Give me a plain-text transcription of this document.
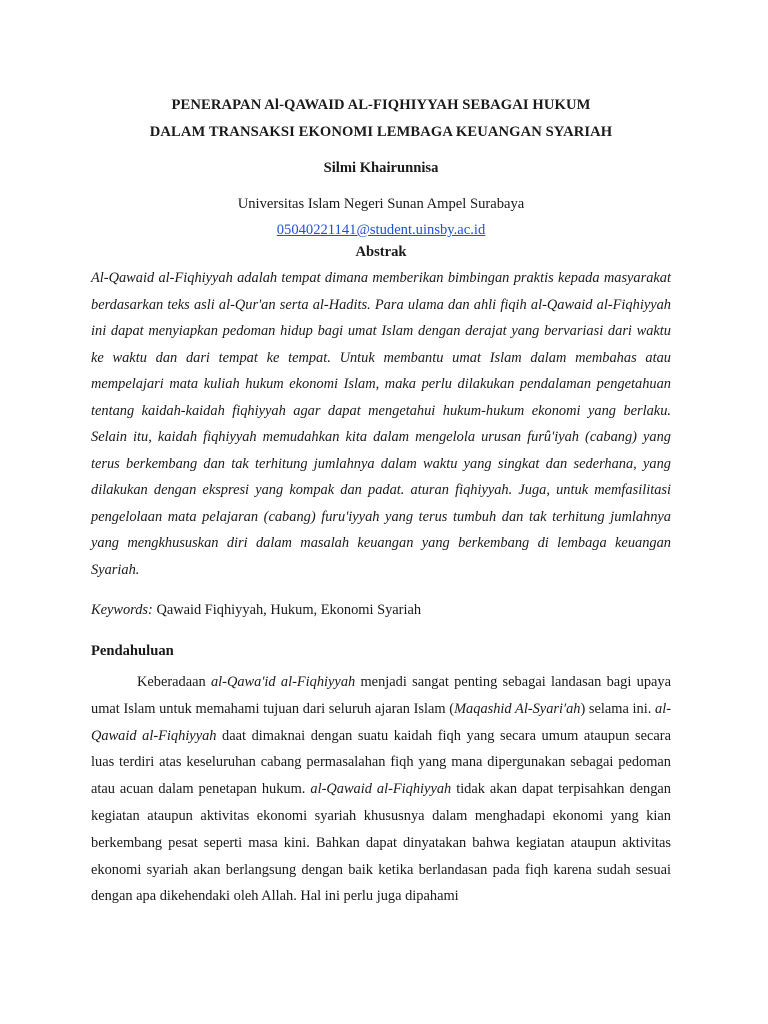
PENERAPAN Al-QAWAID AL-FIQHIYYAH SEBAGAI HUKUM
DALAM TRANSAKSI EKONOMI LEMBAGA KEUANGAN SYARIAH
Silmi Khairunnisa
Universitas Islam Negeri Sunan Ampel Surabaya
05040221141@student.uinsby.ac.id
Abstrak
Al-Qawaid al-Fiqhiyyah adalah tempat dimana memberikan bimbingan praktis kepada masyarakat berdasarkan teks asli al-Qur'an serta al-Hadits. Para ulama dan ahli fiqih al-Qawaid al-Fiqhiyyah ini dapat menyiapkan pedoman hidup bagi umat Islam dengan derajat yang bervariasi dari waktu ke waktu dan dari tempat ke tempat. Untuk membantu umat Islam dalam membahas atau mempelajari mata kuliah hukum ekonomi Islam, maka perlu dilakukan pendalaman pengetahuan tentang kaidah-kaidah fiqhiyyah agar dapat mengetahui hukum-hukum ekonomi yang berlaku. Selain itu, kaidah fiqhiyyah memudahkan kita dalam mengelola urusan furû'iyah (cabang) yang terus berkembang dan tak terhitung jumlahnya dalam waktu yang singkat dan sederhana, yang dilakukan dengan ekspresi yang kompak dan padat. aturan fiqhiyyah. Juga, untuk memfasilitasi pengelolaan mata pelajaran (cabang) furu'iyyah yang terus tumbuh dan tak terhitung jumlahnya yang mengkhususkan diri dalam masalah keuangan yang berkembang di lembaga keuangan Syariah.
Keywords: Qawaid Fiqhiyyah, Hukum, Ekonomi Syariah
Pendahuluan
Keberadaan al-Qawa'id al-Fiqhiyyah menjadi sangat penting sebagai landasan bagi upaya umat Islam untuk memahami tujuan dari seluruh ajaran Islam (Maqashid Al-Syari'ah) selama ini. al-Qawaid al-Fiqhiyyah daat dimaknai dengan suatu kaidah fiqh yang secara umum ataupun secara luas terdiri atas keseluruhan cabang permasalahan fiqh yang mana dipergunakan sebagai pedoman atau acuan dalam penetapan hukum. al-Qawaid al-Fiqhiyyah tidak akan dapat terpisahkan dengan kegiatan ataupun aktivitas ekonomi syariah khususnya dalam menghadapi ekonomi yang kian berkembang pesat seperti masa kini. Bahkan dapat dinyatakan bahwa kegiatan ataupun aktivitas ekonomi syariah akan berlangsung dengan baik ketika berlandasan pada fiqh karena sudah sesuai dengan apa dikehendaki oleh Allah. Hal ini perlu juga dipahami
